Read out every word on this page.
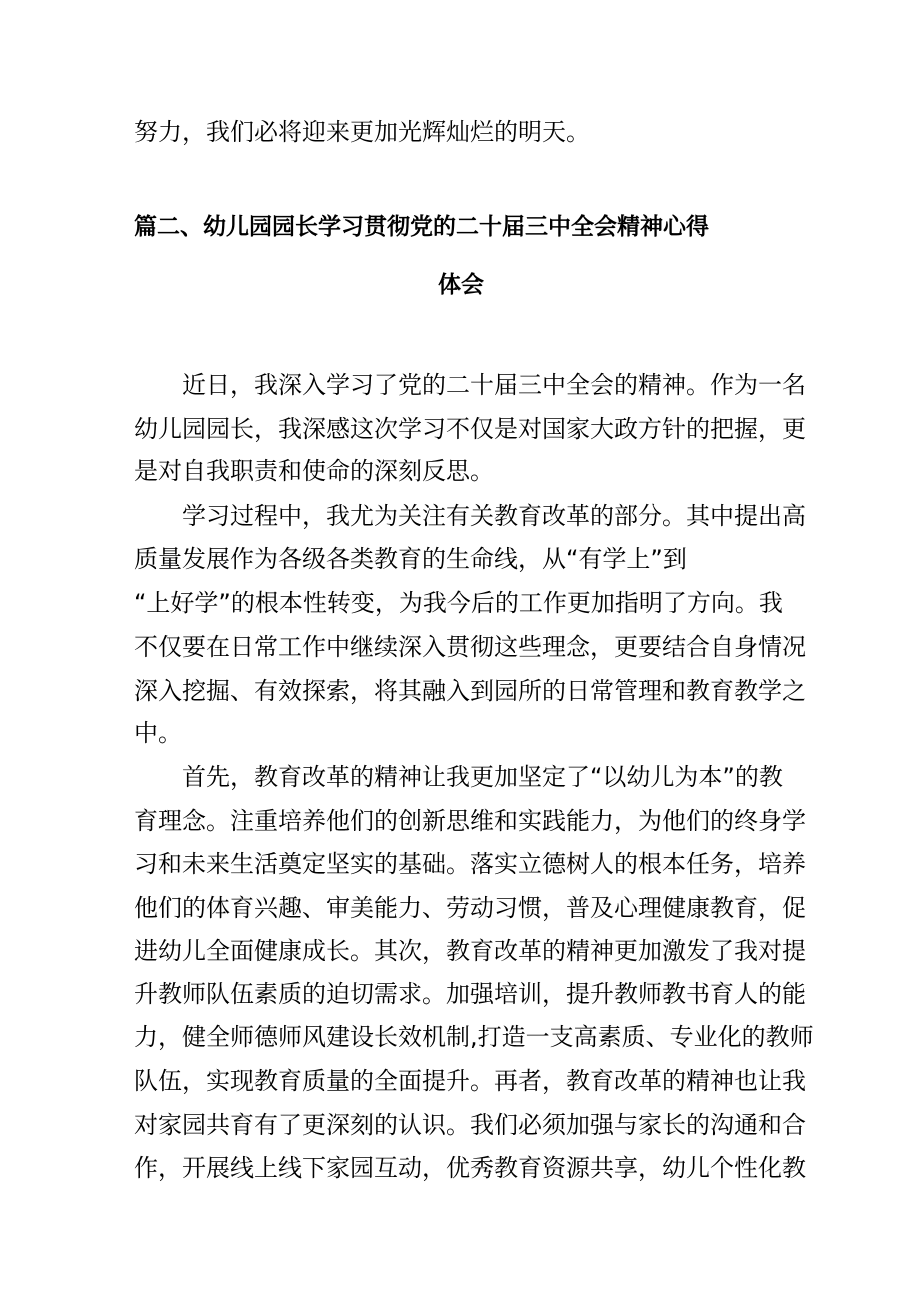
努力，我们必将迎来更加光辉灿烂的明天。
篇二、幼儿园园长学习贯彻党的二十届三中全会精神心得
体会
　　近日，我深入学习了党的二十届三中全会的精神。作为一名
幼儿园园长，我深感这次学习不仅是对国家大政方针的把握，更
是对自我职责和使命的深刻反思。
　　学习过程中，我尤为关注有关教育改革的部分。其中提出高
质量发展作为各级各类教育的生命线，从“有学上”到
“上好学”的根本性转变，为我今后的工作更加指明了方向。我
不仅要在日常工作中继续深入贯彻这些理念，更要结合自身情况
深入挖掘、有效探索，将其融入到园所的日常管理和教育教学之
中。
　　首先，教育改革的精神让我更加坚定了“以幼儿为本”的教
育理念。注重培养他们的创新思维和实践能力，为他们的终身学
习和未来生活奠定坚实的基础。落实立德树人的根本任务，培养
他们的体育兴趣、审美能力、劳动习惯，普及心理健康教育，促
进幼儿全面健康成长。其次，教育改革的精神更加激发了我对提
升教师队伍素质的迫切需求。加强培训，提升教师教书育人的能
力，健全师德师风建设长效机制,打造一支高素质、专业化的教师
队伍，实现教育质量的全面提升。再者，教育改革的精神也让我
对家园共育有了更深刻的认识。我们必须加强与家长的沟通和合
作，开展线上线下家园互动，优秀教育资源共享，幼儿个性化教
